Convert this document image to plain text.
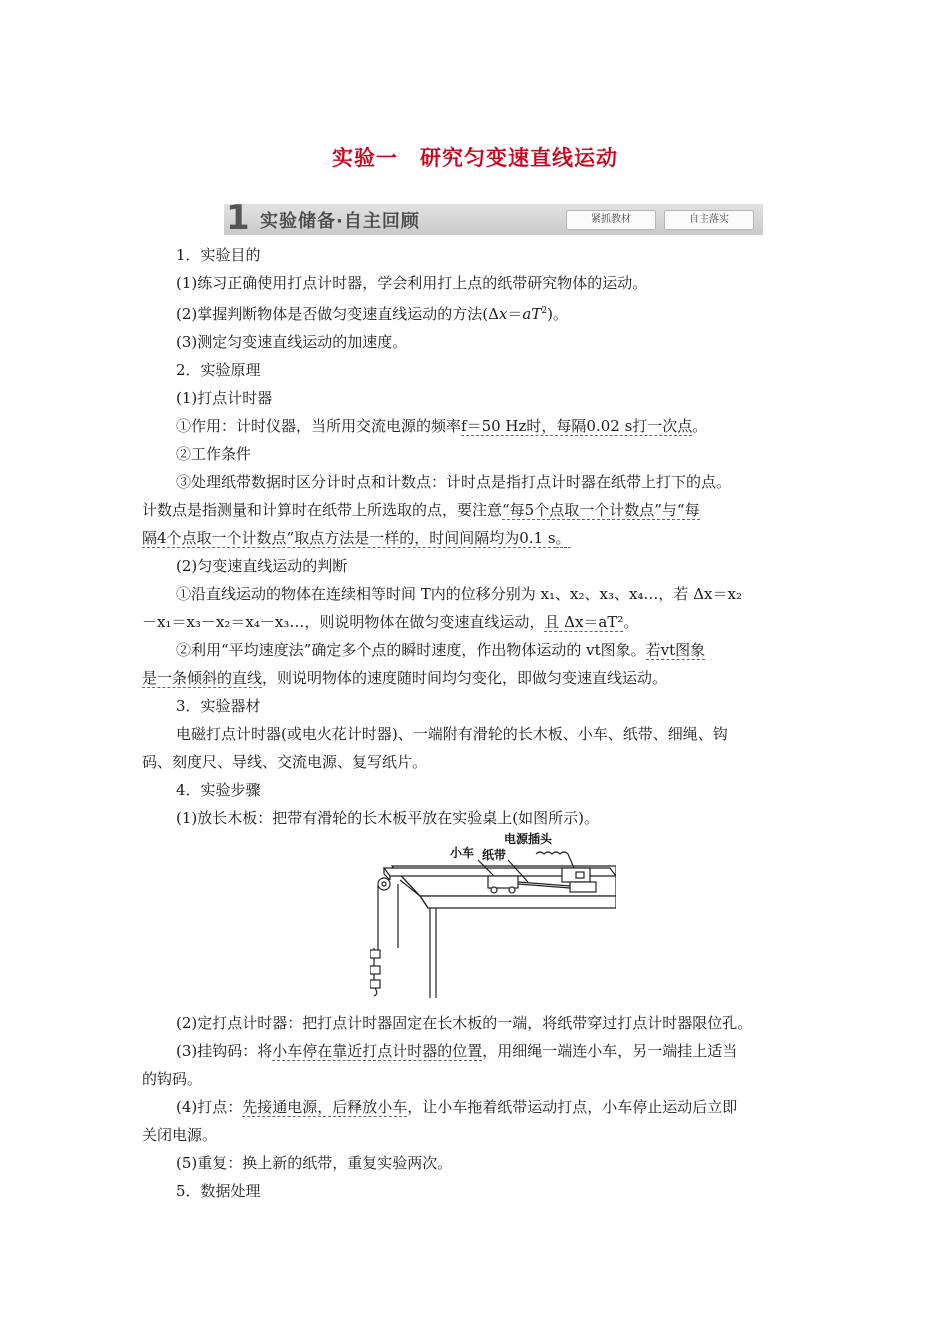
实验一　研究匀变速直线运动
1 实验储备·自主回顾	紧抓教材	自主落实

1．实验目的

(1)练习正确使用打点计时器，学会利用打上点的纸带研究物体的运动。

(2)掌握判断物体是否做匀变速直线运动的方法$(\Delta x=aT^2)$。

(3)测定匀变速直线运动的加速度。

2．实验原理

(1)打点计时器

①作用：计时仪器，当所用交流电源的频率f＝50 Hz时，每隔0.02 s打一次点。

②工作条件

③处理纸带数据时区分计时点和计数点：计时点是指打点计时器在纸带上打下的点。

计数点是指测量和计算时在纸带上所选取的点，要注意“每5个点取一个计数点”与“每

隔4个点取一个计数点”取点方法是一样的，时间间隔均为0.1 s。

(2)匀变速直线运动的判断

①沿直线运动的物体在连续相等时间 T内的位移分别为 x₁、x₂、x₃、x₄…，若 Δx＝x₂

－x₁＝x₃－x₂＝x₄－x₃…，则说明物体在做匀变速直线运动，且 Δx＝aT²。

②利用“平均速度法”确定多个点的瞬时速度，作出物体运动的 vt图象。若vt图象

是一条倾斜的直线，则说明物体的速度随时间均匀变化，即做匀变速直线运动。

3．实验器材

电磁打点计时器(或电火花计时器)、一端附有滑轮的长木板、小车、纸带、细绳、钩

码、刻度尺、导线、交流电源、复写纸片。

4．实验步骤

(1)放长木板：把带有滑轮的长木板平放在实验桌上(如图所示)。

小车 纸带
电源插头

(2)定打点计时器：把打点计时器固定在长木板的一端，将纸带穿过打点计时器限位孔。

(3)挂钩码：将小车停在靠近打点计时器的位置，用细绳一端连小车，另一端挂上适当

的钩码。

(4)打点：先接通电源，后释放小车，让小车拖着纸带运动打点，小车停止运动后立即

关闭电源。

(5)重复：换上新的纸带，重复实验两次。

5．数据处理
